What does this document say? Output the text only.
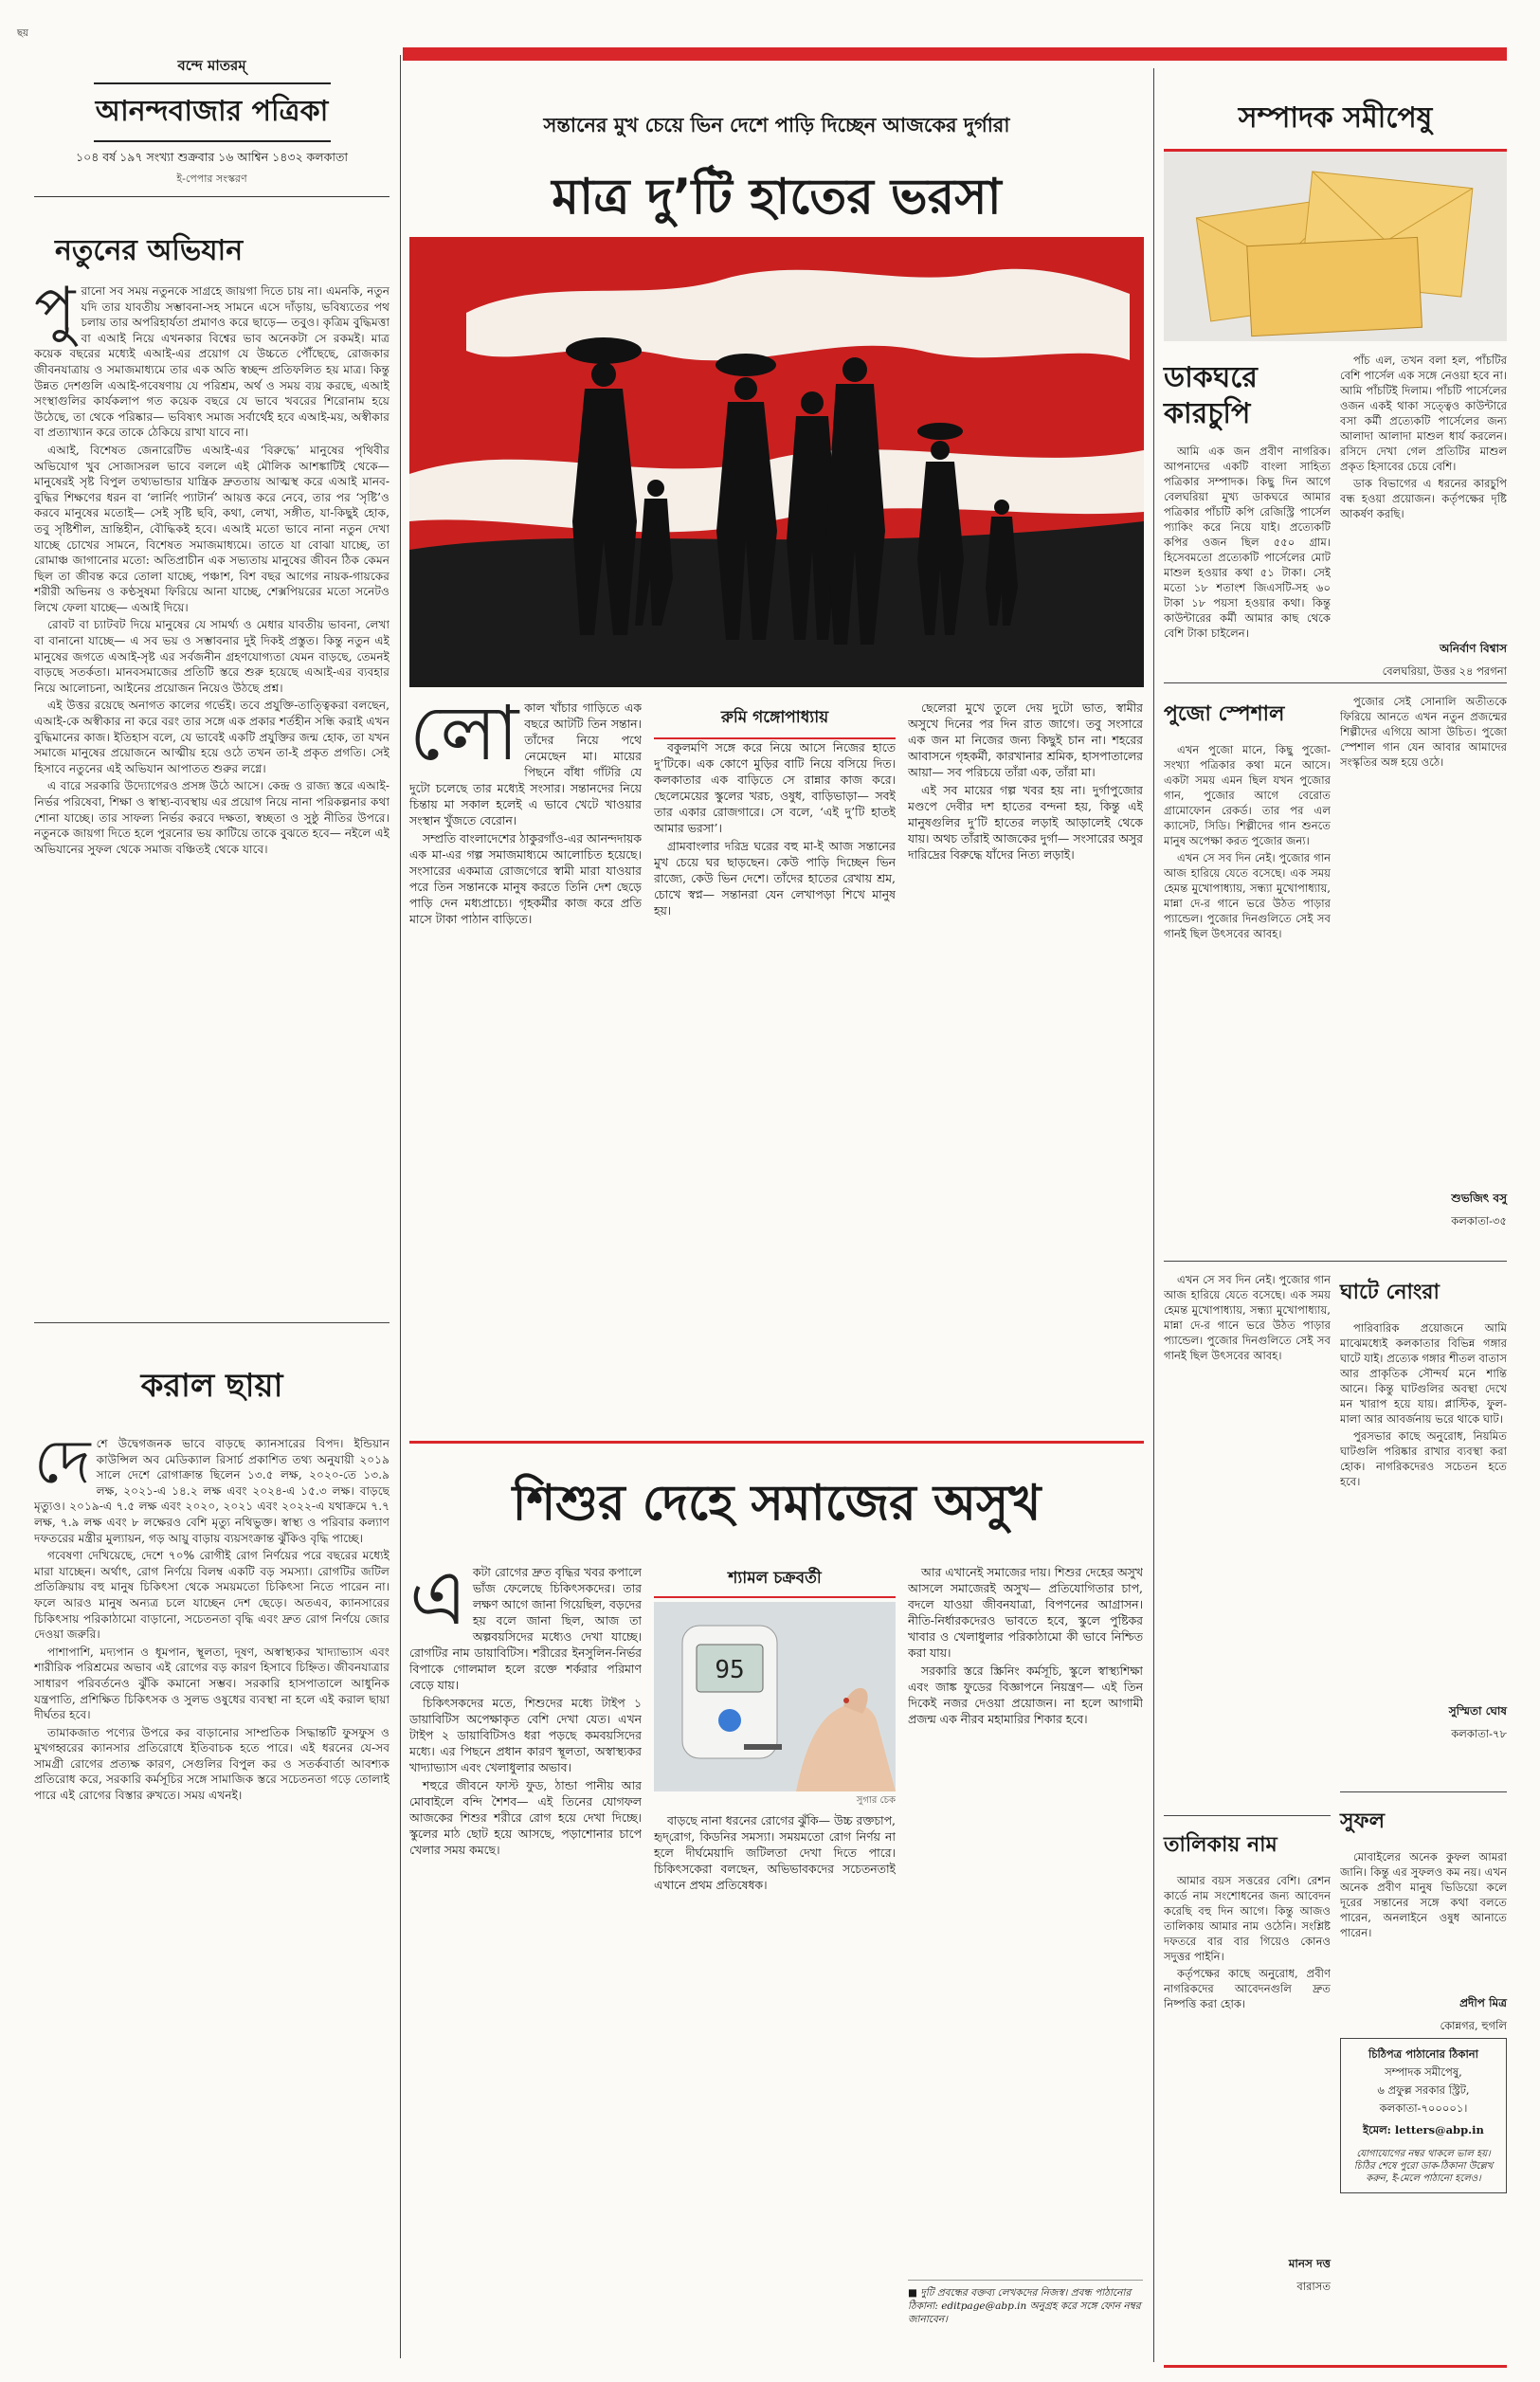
ছয়
বন্দে মাতরম্
আনন্দবাজার পত্রিকা
১০৪ বর্ষ ১৯৭ সংখ্যা শুক্রবার ১৬ আশ্বিন ১৪৩২ কলকাতা
ই-পেপার সংস্করণ
নতুনের অভিযান
পু রানো সব সময় নতুনকে সাগ্রহে জায়গা দিতে চায় না। এমনকি, নতুন যদি তার যাবতীয় সম্ভাবনা-সহ সামনে এসে দাঁড়ায়, ভবিষ্যতের পথ চলায় তার অপরিহার্যতা প্রমাণও করে ছাড়ে— তবুও। কৃত্রিম বুদ্ধিমত্তা বা এআই নিয়ে এখনকার বিশ্বের ভাব অনেকটা সে রকমই। মাত্র কয়েক বছরের মধ্যেই এআই-এর প্রয়োগ যে উচ্চতে পৌঁছেছে, রোজকার জীবনযাত্রায় ও সমাজমাধ্যমে তার এক অতি স্বচ্ছন্দ প্রতিফলিত হয় মাত্র। কিন্তু উন্নত দেশগুলি এআই-গবেষণায় যে পরিশ্রম, অর্থ ও সময় ব্যয় করছে, এআই সংস্থাগুলির কার্যকলাপ গত কয়েক বছরে যে ভাবে খবরের শিরোনাম হয়ে উঠেছে, তা থেকে পরিষ্কার— ভবিষ্যৎ সমাজ সর্বার্থেই হবে এআই-ময়, অস্বীকার বা প্রত্যাখ্যান করে তাকে ঠেকিয়ে রাখা যাবে না।

এআই, বিশেষত জেনারেটিভ এআই-এর ‘বিরুদ্ধে’ মানুষের পৃথিবীর অভিযোগ খুব সোজাসরল ভাবে বললে এই মৌলিক আশঙ্কাটিই থেকে— মানুষেরই সৃষ্ট বিপুল তথ্যভান্ডার যান্ত্রিক দ্রুততায় আত্মস্থ করে এআই মানব-বুদ্ধির শিক্ষণের ধরন বা ‘লার্নিং প্যাটার্ন’ আয়ত্ত করে নেবে, তার পর ‘সৃষ্টি’ও করবে মানুষের মতোই— সেই সৃষ্টি ছবি, কথা, লেখা, সঙ্গীত, যা-কিছুই হোক, তবু সৃষ্টিশীল, ভ্রান্তিহীন, বৌদ্ধিকই হবে। এআই মতো ভাবে নানা নতুন দেখা যাচ্ছে চোখের সামনে, বিশেষত সমাজমাধ্যমে। তাতে যা বোঝা যাচ্ছে, তা রোমাঞ্চ জাগানোর মতো: অতিপ্রাচীন এক সভ্যতায় মানুষের জীবন ঠিক কেমন ছিল তা জীবন্ত করে তোলা যাচ্ছে, পঞ্চাশ, বিশ বছর আগের নায়ক-গায়কের শরীরী অভিনয় ও কণ্ঠসুষমা ফিরিয়ে আনা যাচ্ছে, শেক্সপিয়রের মতো সনেটও লিখে ফেলা যাচ্ছে— এআই দিয়ে।

রোবট বা চ্যাটবট দিয়ে মানুষের যে সামর্থ্য ও মেধার যাবতীয় ভাবনা, লেখা বা বানানো যাচ্ছে— এ সব ভয় ও সম্ভাবনার দুই দিকই প্রস্তুত। কিন্তু নতুন এই মানুষের জগতে এআই-সৃষ্ট এর সর্বজনীন গ্রহণযোগ্যতা যেমন বাড়ছে, তেমনই বাড়ছে সতর্কতা। মানবসমাজের প্রতিটি স্তরে শুরু হয়েছে এআই-এর ব্যবহার নিয়ে আলোচনা, আইনের প্রয়োজন নিয়েও উঠছে প্রশ্ন।

এই উত্তর রয়েছে অনাগত কালের গর্ভেই। তবে প্রযুক্তি-তাত্ত্বিকরা বলছেন, এআই-কে অস্বীকার না করে বরং তার সঙ্গে এক প্রকার শর্তহীন সন্ধি করাই এখন বুদ্ধিমানের কাজ। ইতিহাস বলে, যে ভাবেই একটি প্রযুক্তির জন্ম হোক, তা যখন সমাজে মানুষের প্রয়োজনে আত্মীয় হয়ে ওঠে তখন তা-ই প্রকৃত প্রগতি। সেই হিসাবে নতুনের এই অভিযান আপাতত শুরুর লগ্নে।

এ বারে সরকারি উদ্যোগেরও প্রসঙ্গ উঠে আসে। কেন্দ্র ও রাজ্য স্তরে এআই-নির্ভর পরিষেবা, শিক্ষা ও স্বাস্থ্য-ব্যবস্থায় এর প্রয়োগ নিয়ে নানা পরিকল্পনার কথা শোনা যাচ্ছে। তার সাফল্য নির্ভর করবে দক্ষতা, স্বচ্ছতা ও সুষ্ঠু নীতির উপরে। নতুনকে জায়গা দিতে হলে পুরনোর ভয় কাটিয়ে তাকে বুঝতে হবে— নইলে এই অভিযানের সুফল থেকে সমাজ বঞ্চিতই থেকে যাবে।

করাল ছায়া
দে শে উদ্বেগজনক ভাবে বাড়ছে ক্যানসারের বিপদ। ইন্ডিয়ান কাউন্সিল অব মেডিক্যাল রিসার্চ প্রকাশিত তথ্য অনুযায়ী ২০১৯ সালে দেশে রোগাক্রান্ত ছিলেন ১৩.৫ লক্ষ, ২০২০-তে ১৩.৯ লক্ষ, ২০২১-এ ১৪.২ লক্ষ এবং ২০২৪-এ ১৫.৩ লক্ষ। বাড়ছে মৃত্যুও। ২০১৯-এ ৭.৫ লক্ষ এবং ২০২০, ২০২১ এবং ২০২২-এ যথাক্রমে ৭.৭ লক্ষ, ৭.৯ লক্ষ এবং ৮ লক্ষেরও বেশি মৃত্যু নথিভুক্ত। স্বাস্থ্য ও পরিবার কল্যাণ দফতরের মন্ত্রীর মুল্যায়ন, গড় আয়ু বাড়ায় ব্যয়সংক্রান্ত ঝুঁকিও বৃদ্ধি পাচ্ছে।

গবেষণা দেখিয়েছে, দেশে ৭০% রোগীই রোগ নির্ণয়ের পরে বছরের মধ্যেই মারা যাচ্ছেন। অর্থাৎ, রোগ নির্ণয়ে বিলম্ব একটি বড় সমস্যা। রোগটির জটিল প্রতিক্রিয়ায় বহু মানুষ চিকিৎসা থেকে সময়মতো চিকিৎসা নিতে পারেন না। ফলে আরও মানুষ অন্যত্র চলে যাচ্ছেন দেশ ছেড়ে। অতএব, ক্যানসারের চিকিৎসায় পরিকাঠামো বাড়ানো, সচেতনতা বৃদ্ধি এবং দ্রুত রোগ নির্ণয়ে জোর দেওয়া জরুরি।

পাশাপাশি, মদ্যপান ও ধূমপান, স্থূলতা, দূষণ, অস্বাস্থ্যকর খাদ্যাভ্যাস এবং শারীরিক পরিশ্রমের অভাব এই রোগের বড় কারণ হিসাবে চিহ্নিত। জীবনযাত্রার সাধারণ পরিবর্তনেও ঝুঁকি কমানো সম্ভব। সরকারি হাসপাতালে আধুনিক যন্ত্রপাতি, প্রশিক্ষিত চিকিৎসক ও সুলভ ওষুধের ব্যবস্থা না হলে এই করাল ছায়া দীর্ঘতর হবে।

তামাকজাত পণ্যের উপরে কর বাড়ানোর সাম্প্রতিক সিদ্ধান্তটি ফুসফুস ও মুখগহ্বরের ক্যানসার প্রতিরোধে ইতিবাচক হতে পারে। এই ধরনের যে-সব সামগ্রী রোগের প্রত্যক্ষ কারণ, সেগুলির বিপুল কর ও সতর্কবার্তা আবশ্যক প্রতিরোধ করে, সরকারি কর্মসূচির সঙ্গে সামাজিক স্তরে সচেতনতা গড়ে তোলাই পারে এই রোগের বিস্তার রুখতে। সময় এখনই।

সন্তানের মুখ চেয়ে ভিন দেশে পাড়ি দিচ্ছেন আজকের দুর্গারা
মাত্র দু’টি হাতের ভরসা
লো কাল খাঁচার গাড়িতে এক বছরে আটটি তিন সন্তান। তাঁদের নিয়ে পথে নেমেছেন মা। মায়ের পিছনে বাঁধা গাঁটরি যে দুটো চলেছে তার মধ্যেই সংসার। সন্তানদের নিয়ে চিন্তায় মা সকাল হলেই এ ভাবে খেটে খাওয়ার সংস্থান খুঁজতে বেরোন।

সম্প্রতি বাংলাদেশের ঠাকুরগাঁও-এর আনন্দদায়ক এক মা-এর গল্প সমাজমাধ্যমে আলোচিত হয়েছে। সংসারের একমাত্র রোজগেরে স্বামী মারা যাওয়ার পরে তিন সন্তানকে মানুষ করতে তিনি দেশ ছেড়ে পাড়ি দেন মধ্যপ্রাচ্যে। গৃহকর্মীর কাজ করে প্রতি মাসে টাকা পাঠান বাড়িতে।

রুমি গঙ্গোপাধ্যায়

বকুলমণি সঙ্গে করে নিয়ে আসে নিজের হাতে দু’টিকে। এক কোণে মুড়ির বাটি নিয়ে বসিয়ে দিত। কলকাতার এক বাড়িতে সে রান্নার কাজ করে। ছেলেমেয়ের স্কুলের খরচ, ওষুধ, বাড়িভাড়া— সবই তার একার রোজগারে। সে বলে, ‘এই দু’টি হাতই আমার ভরসা’।

গ্রামবাংলার দরিদ্র ঘরের বহু মা-ই আজ সন্তানের মুখ চেয়ে ঘর ছাড়ছেন। কেউ পাড়ি দিচ্ছেন ভিন রাজ্যে, কেউ ভিন দেশে। তাঁদের হাতের রেখায় শ্রম, চোখে স্বপ্ন— সন্তানরা যেন লেখাপড়া শিখে মানুষ হয়।

ছেলেরা মুখে তুলে দেয় দুটো ভাত, স্বামীর অসুখে দিনের পর দিন রাত জাগে। তবু সংসারে এক জন মা নিজের জন্য কিছুই চান না। শহরের আবাসনে গৃহকর্মী, কারখানার শ্রমিক, হাসপাতালের আয়া— সব পরিচয়ে তাঁরা এক, তাঁরা মা।

এই সব মায়ের গল্প খবর হয় না। দুর্গাপুজোর মণ্ডপে দেবীর দশ হাতের বন্দনা হয়, কিন্তু এই মানুষগুলির দু’টি হাতের লড়াই আড়ালেই থেকে যায়। অথচ তাঁরাই আজকের দুর্গা— সংসারের অসুর দারিদ্রের বিরুদ্ধে যাঁদের নিত্য লড়াই।

শিশুর দেহে সমাজের অসুখ
এ কটা রোগের দ্রুত বৃদ্ধির খবর কপালে ভাঁজ ফেলেছে চিকিৎসকদের। তার লক্ষণ আগে জানা গিয়েছিল, বড়দের হয় বলে জানা ছিল, আজ তা অল্পবয়সিদের মধ্যেও দেখা যাচ্ছে। রোগটির নাম ডায়াবিটিস। শরীরের ইনসুলিন-নির্ভর বিপাকে গোলমাল হলে রক্তে শর্করার পরিমাণ বেড়ে যায়।

চিকিৎসকদের মতে, শিশুদের মধ্যে টাইপ ১ ডায়াবিটিস অপেক্ষাকৃত বেশি দেখা যেত। এখন টাইপ ২ ডায়াবিটিসও ধরা পড়ছে কমবয়সিদের মধ্যে। এর পিছনে প্রধান কারণ স্থূলতা, অস্বাস্থ্যকর খাদ্যাভ্যাস এবং খেলাধুলার অভাব।

শহুরে জীবনে ফাস্ট ফুড, ঠান্ডা পানীয় আর মোবাইলে বন্দি শৈশব— এই তিনের যোগফল আজকের শিশুর শরীরে রোগ হয়ে দেখা দিচ্ছে। স্কুলের মাঠ ছোট হয়ে আসছে, পড়াশোনার চাপে খেলার সময় কমছে।

শ্যামল চক্রবর্তী
95
সুগার চেক

বাড়ছে নানা ধরনের রোগের ঝুঁকি— উচ্চ রক্তচাপ, হৃদ্‌রোগ, কিডনির সমস্যা। সময়মতো রোগ নির্ণয় না হলে দীর্ঘমেয়াদি জটিলতা দেখা দিতে পারে। চিকিৎসকেরা বলছেন, অভিভাবকদের সচেতনতাই এখানে প্রথম প্রতিষেধক।

আর এখানেই সমাজের দায়। শিশুর দেহের অসুখ আসলে সমাজেরই অসুখ— প্রতিযোগিতার চাপ, বদলে যাওয়া জীবনযাত্রা, বিপণনের আগ্রাসন। নীতি-নির্ধারকদেরও ভাবতে হবে, স্কুলে পুষ্টিকর খাবার ও খেলাধুলার পরিকাঠামো কী ভাবে নিশ্চিত করা যায়।

সরকারি স্তরে স্ক্রিনিং কর্মসূচি, স্কুলে স্বাস্থ্যশিক্ষা এবং জাঙ্ক ফুডের বিজ্ঞাপনে নিয়ন্ত্রণ— এই তিন দিকেই নজর দেওয়া প্রয়োজন। না হলে আগামী প্রজন্ম এক নীরব মহামারির শিকার হবে।

■ দুটি প্রবন্ধের বক্তব্য লেখকদের নিজস্ব। প্রবন্ধ পাঠানোর ঠিকানা: editpage@abp.in অনুগ্রহ করে সঙ্গে ফোন নম্বর জানাবেন।
সম্পাদক সমীপেষু
ডাকঘরে কারচুপি

আমি এক জন প্রবীণ নাগরিক। আপনাদের একটি বাংলা সাহিত্য পত্রিকার সম্পাদক। কিছু দিন আগে বেলঘরিয়া মুখ্য ডাকঘরে আমার পত্রিকার পাঁচটি কপি রেজিস্ট্রি পার্সেল প্যাকিং করে নিয়ে যাই। প্রত্যেকটি কপির ওজন ছিল ৫৫০ গ্রাম। হিসেবমতো প্রত্যেকটি পার্সেলের মোট মাশুল হওয়ার কথা ৫১ টাকা। সেই মতো ১৮ শতাংশ জিএসটি-সহ ৬০ টাকা ১৮ পয়সা হওয়ার কথা। কিন্তু কাউন্টারের কর্মী আমার কাছ থেকে বেশি টাকা চাইলেন।

পাঁচ এল, তখন বলা হল, পাঁচটির বেশি পার্সেল এক সঙ্গে নেওয়া হবে না। আমি পাঁচটিই দিলাম। পাঁচটি পার্সেলের ওজন একই থাকা সত্ত্বেও কাউন্টারে বসা কর্মী প্রত্যেকটি পার্সেলের জন্য আলাদা আলাদা মাশুল ধার্য করলেন। রসিদে দেখা গেল প্রতিটির মাশুল প্রকৃত হিসাবের চেয়ে বেশি।

ডাক বিভাগের এ ধরনের কারচুপি বন্ধ হওয়া প্রয়োজন। কর্তৃপক্ষের দৃষ্টি আকর্ষণ করছি।

অনির্বাণ বিশ্বাস
বেলঘরিয়া, উত্তর ২৪ পরগনা
পুজো স্পেশাল

এখন পুজো মানে, কিছু পুজো-সংখ্যা পত্রিকার কথা মনে আসে। একটা সময় এমন ছিল যখন পুজোর গান, পুজোর আগে বেরোত গ্রামোফোন রেকর্ড। তার পর এল ক্যাসেট, সিডি। শিল্পীদের গান শুনতে মানুষ অপেক্ষা করত পুজোর জন্য।

এখন সে সব দিন নেই। পুজোর গান আজ হারিয়ে যেতে বসেছে। এক সময় হেমন্ত মুখোপাধ্যায়, সন্ধ্যা মুখোপাধ্যায়, মান্না দে-র গানে ভরে উঠত পাড়ার প্যান্ডেল। পুজোর দিনগুলিতে সেই সব গানই ছিল উৎসবের আবহ।

পুজোর সেই সোনালি অতীতকে ফিরিয়ে আনতে এখন নতুন প্রজন্মের শিল্পীদের এগিয়ে আসা উচিত। পুজো স্পেশাল গান যেন আবার আমাদের সংস্কৃতির অঙ্গ হয়ে ওঠে।

শুভজিৎ বসু
কলকাতা-৩৫

এখন সে সব দিন নেই। পুজোর গান আজ হারিয়ে যেতে বসেছে। এক সময় হেমন্ত মুখোপাধ্যায়, সন্ধ্যা মুখোপাধ্যায়, মান্না দে-র গানে ভরে উঠত পাড়ার প্যান্ডেল। পুজোর দিনগুলিতে সেই সব গানই ছিল উৎসবের আবহ।

ঘাটে নোংরা

পারিবারিক প্রয়োজনে আমি মাঝেমধ্যেই কলকাতার বিভিন্ন গঙ্গার ঘাটে যাই। প্রত্যেক গঙ্গার শীতল বাতাস আর প্রাকৃতিক সৌন্দর্য মনে শান্তি আনে। কিন্তু ঘাটগুলির অবস্থা দেখে মন খারাপ হয়ে যায়। প্লাস্টিক, ফুল-মালা আর আবর্জনায় ভরে থাকে ঘাট।

পুরসভার কাছে অনুরোধ, নিয়মিত ঘাটগুলি পরিষ্কার রাখার ব্যবস্থা করা হোক। নাগরিকদেরও সচেতন হতে হবে।

সুস্মিতা ঘোষ
কলকাতা-৭৮
সুফল

মোবাইলের অনেক কুফল আমরা জানি। কিন্তু এর সুফলও কম নয়। এখন অনেক প্রবীণ মানুষ ভিডিয়ো কলে দূরের সন্তানের সঙ্গে কথা বলতে পারেন, অনলাইনে ওষুধ আনাতে পারেন।

প্রদীপ মিত্র
কোন্নগর, হুগলি
তালিকায় নাম

আমার বয়স সত্তরের বেশি। রেশন কার্ডে নাম সংশোধনের জন্য আবেদন করেছি বহু দিন আগে। কিন্তু আজও তালিকায় আমার নাম ওঠেনি। সংশ্লিষ্ট দফতরে বার বার গিয়েও কোনও সদুত্তর পাইনি।

কর্তৃপক্ষের কাছে অনুরোধ, প্রবীণ নাগরিকদের আবেদনগুলি দ্রুত নিষ্পত্তি করা হোক।

মানস দত্ত
বারাসত
চিঠিপত্র পাঠানোর ঠিকানা
সম্পাদক সমীপেষু,
৬ প্রফুল্ল সরকার স্ট্রিট,
কলকাতা-৭০০০০১।
ইমেল: letters@abp.in
যোগাযোগের নম্বর থাকলে ভাল হয়। চিঠির শেষে পুরো ডাক-ঠিকানা উল্লেখ করুন, ই-মেলে পাঠানো হলেও।
